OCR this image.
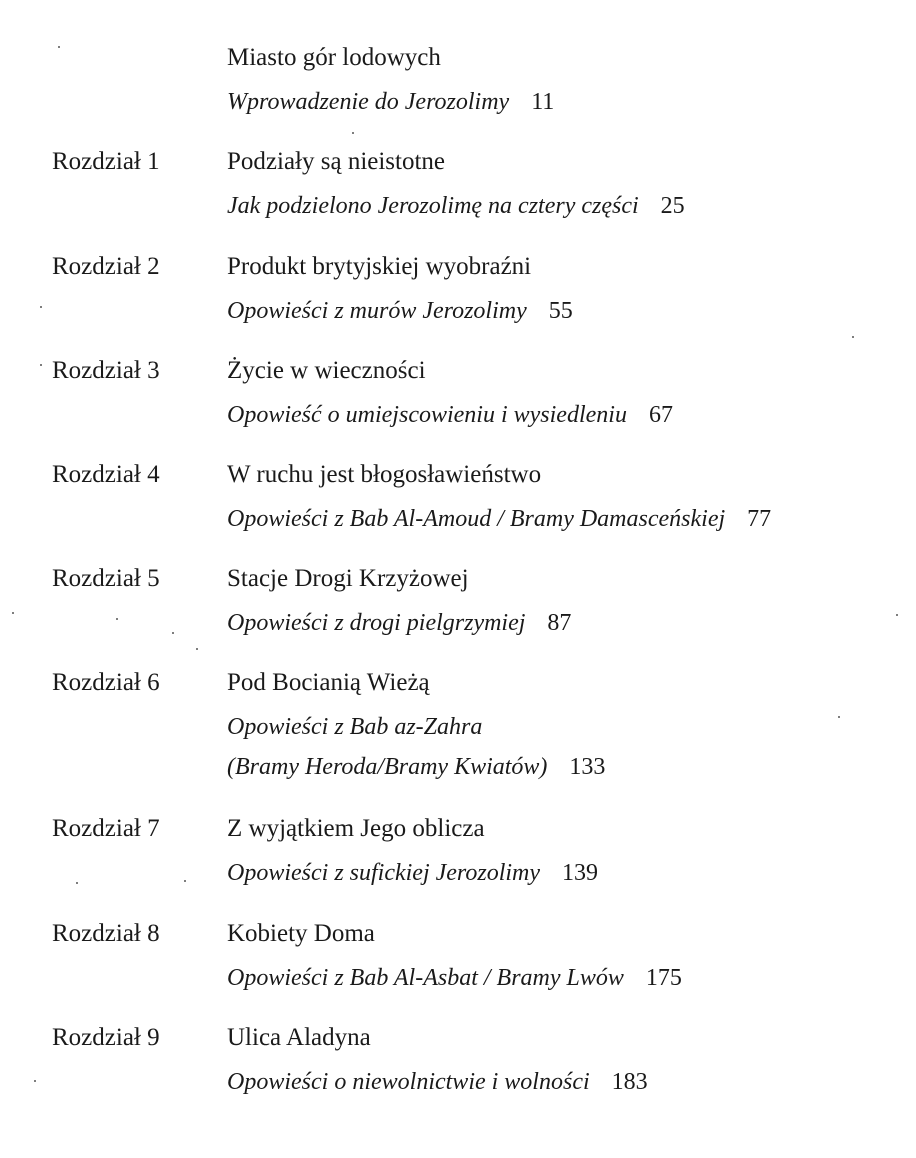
Miasto gór lodowych
Wprowadzenie do Jerozolimy 11
Rozdział 1	Podziały są nieistotne
Jak podzielono Jerozolimę na cztery części 25
Rozdział 2	Produkt brytyjskiej wyobraźni
Opowieści z murów Jerozolimy 55
Rozdział 3	Życie w wieczności
Opowieść o umiejscowieniu i wysiedleniu 67
Rozdział 4	W ruchu jest błogosławieństwo
Opowieści z Bab Al-Amoud / Bramy Damasceńskiej 77
Rozdział 5	Stacje Drogi Krzyżowej
Opowieści z drogi pielgrzymiej 87
Rozdział 6	Pod Bocianią Wieżą
Opowieści z Bab az-Zahra
(Bramy Heroda/Bramy Kwiatów) 133
Rozdział 7	Z wyjątkiem Jego oblicza
Opowieści z sufickiej Jerozolimy 139
Rozdział 8	Kobiety Doma
Opowieści z Bab Al-Asbat / Bramy Lwów 175
Rozdział 9	Ulica Aladyna
Opowieści o niewolnictwie i wolności 183
